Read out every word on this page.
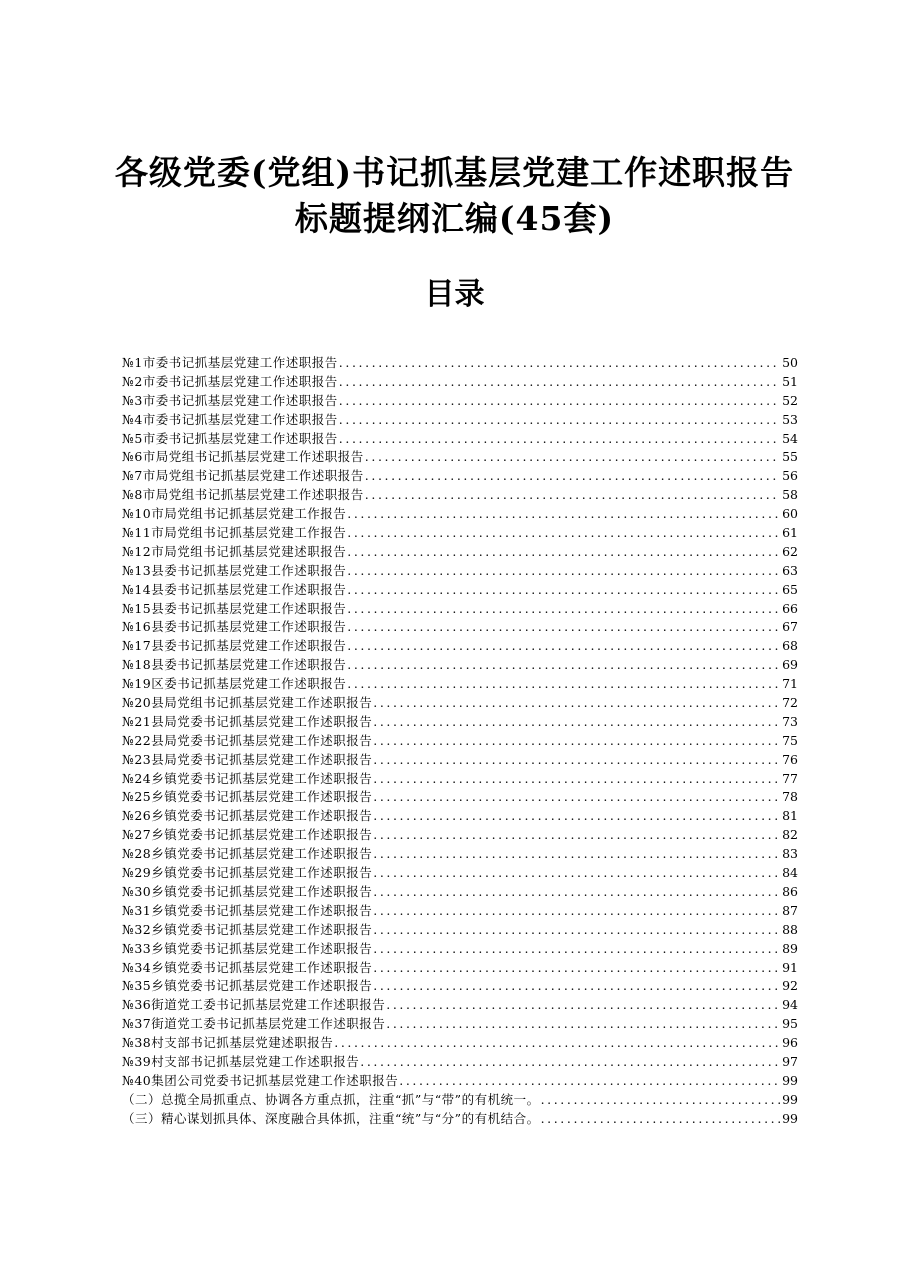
各级党委(党组)书记抓基层党建工作述职报告
标题提纲汇编(45套)
目录
№1市委书记抓基层党建工作述职报告 .....	50
№2市委书记抓基层党建工作述职报告 .....	51
№3市委书记抓基层党建工作述职报告 .....	52
№4市委书记抓基层党建工作述职报告 .....	53
№5市委书记抓基层党建工作述职报告 .....	54
№6市局党组书记抓基层党建工作述职报告 .....	55
№7市局党组书记抓基层党建工作述职报告 .....	56
№8市局党组书记抓基层党建工作述职报告 .....	58
№10市局党组书记抓基层党建工作报告 .....	60
№11市局党组书记抓基层党建工作报告 .....	61
№12市局党组书记抓基层党建述职报告 .....	62
№13县委书记抓基层党建工作述职报告 .....	63
№14县委书记抓基层党建工作述职报告 .....	65
№15县委书记抓基层党建工作述职报告 .....	66
№16县委书记抓基层党建工作述职报告 .....	67
№17县委书记抓基层党建工作述职报告 .....	68
№18县委书记抓基层党建工作述职报告 .....	69
№19区委书记抓基层党建工作述职报告 .....	71
№20县局党组书记抓基层党建工作述职报告 .....	72
№21县局党委书记抓基层党建工作述职报告 .....	73
№22县局党委书记抓基层党建工作述职报告 .....	75
№23县局党委书记抓基层党建工作述职报告 .....	76
№24乡镇党委书记抓基层党建工作述职报告 .....	77
№25乡镇党委书记抓基层党建工作述职报告 .....	78
№26乡镇党委书记抓基层党建工作述职报告 .....	81
№27乡镇党委书记抓基层党建工作述职报告 .....	82
№28乡镇党委书记抓基层党建工作述职报告 .....	83
№29乡镇党委书记抓基层党建工作述职报告 .....	84
№30乡镇党委书记抓基层党建工作述职报告 .....	86
№31乡镇党委书记抓基层党建工作述职报告 .....	87
№32乡镇党委书记抓基层党建工作述职报告 .....	88
№33乡镇党委书记抓基层党建工作述职报告 .....	89
№34乡镇党委书记抓基层党建工作述职报告 .....	91
№35乡镇党委书记抓基层党建工作述职报告 .....	92
№36街道党工委书记抓基层党建工作述职报告 .....	94
№37街道党工委书记抓基层党建工作述职报告 .....	95
№38村支部书记抓基层党建述职报告 .....	96
№39村支部书记抓基层党建工作述职报告 .....	97
№40集团公司党委书记抓基层党建工作述职报告 .....	99
（二）总揽全局抓重点、协调各方重点抓，注重“抓”与“带”的有机统一。 .....	99
（三）精心谋划抓具体、深度融合具体抓，注重“统”与“分”的有机结合。 .....	99
